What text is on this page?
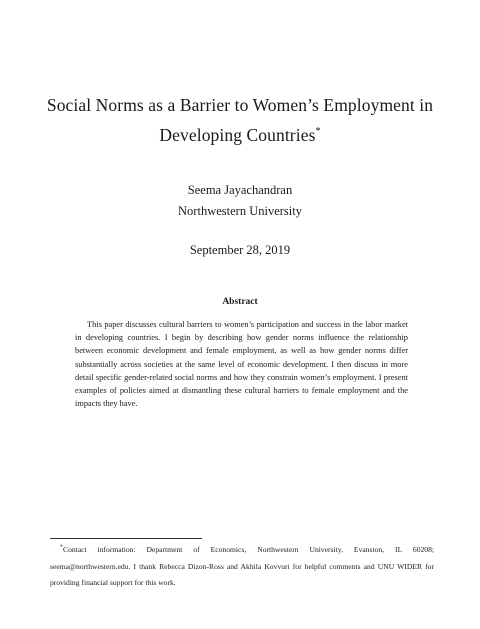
Social Norms as a Barrier to Women’s Employment in
Developing Countries*
Seema Jayachandran
Northwestern University
September 28, 2019
Abstract

This paper discusses cultural barriers to women’s participation and success in the labor market in developing countries. I begin by describing how gender norms influence the relationship between economic development and female employment, as well as how gender norms differ substantially across societies at the same level of economic development. I then discuss in more detail specific gender-related social norms and how they constrain women’s employment. I present examples of policies aimed at dismantling these cultural barriers to female employment and the impacts they have.

*Contact information: Department of Economics, Northwestern University, Evanston, IL 60208; seema@northwestern.edu. I thank Rebecca Dizon-Ross and Akhila Kovvuri for helpful comments and UNU WIDER for providing financial support for this work.
